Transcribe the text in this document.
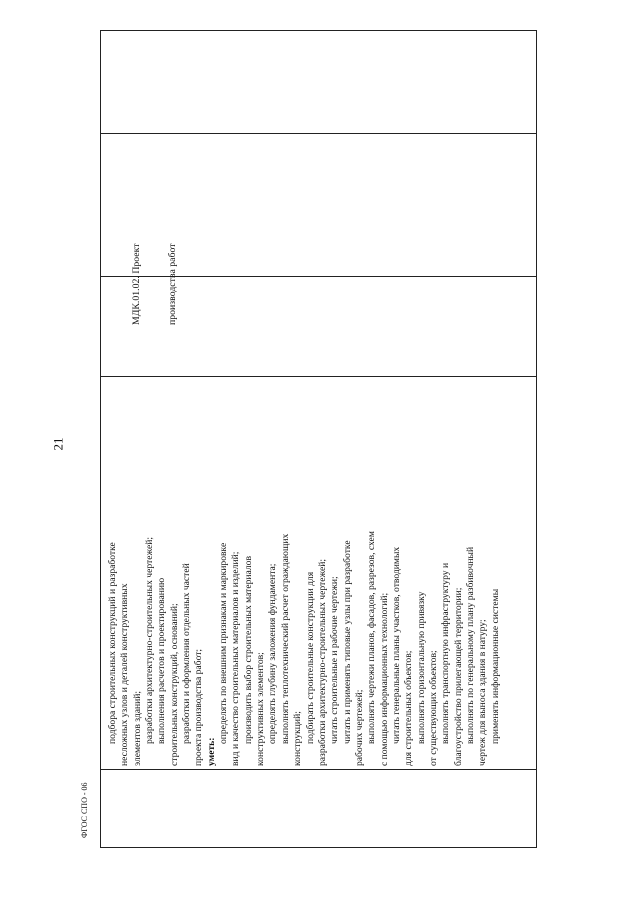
21

МДК.01.02. Проект

	производства работ

подбора строительных конструкций и разработке несложных узлов и деталей конструктивных элементов зданий; разработки архитектурно-строительных чертежей; выполнения расчетов и проектированию строительных конструкций, оснований; разработки и оформления отдельных частей проекта производства работ; уметь:
определять по внешним признакам и маркировке вид и качество строительных материалов и изделий; производить выбор строительных материалов конструктивных элементов; определять глубину заложения фундамента; выполнять теплотехнический расчет ограждающих конструкций; подбирать строительные конструкции для разработки архитектурно-строительных чертежей; читать строительные и рабочие чертежи; читать и применять типовые узлы при разработке рабочих чертежей; выполнять чертежи планов, фасадов, разрезов, схем с помощью информационных технологий; читать генеральные планы участков, отводимых для строительных объектов; выполнять горизонтальную привязку от существующих объектов; выполнять транспортную инфраструктуру и благоустройство прилегающей территории; выполнять по генеральному плану разбивочный чертеж для выноса здания в натуру; применять информационные системы
ФГОС СПО - 06
